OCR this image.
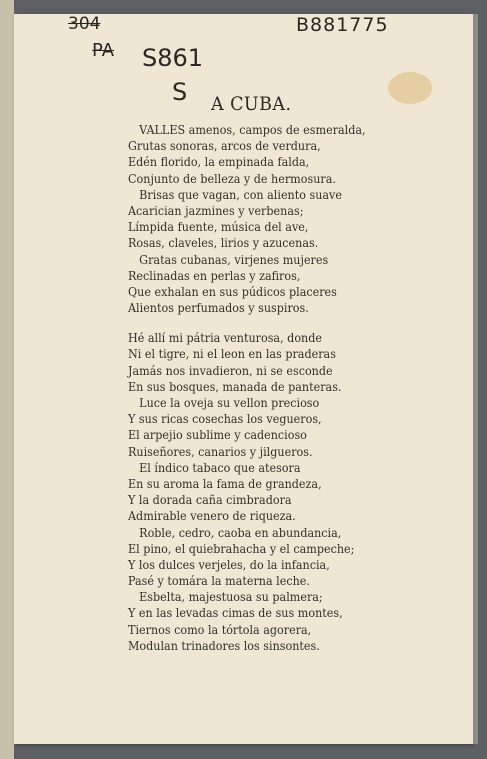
304	B881775
PA S861
S A CUBA.
VALLES amenos, campos de esmeralda,
Grutas sonoras, arcos de verdura,
Edén florido, la empinada falda,
Conjunto de belleza y de hermosura.
Brisas que vagan, con aliento suave
Acarician jazmines y verbenas;
Límpida fuente, música del ave,
Rosas, claveles, lirios y azucenas.
Gratas cubanas, virjenes mujeres
Reclinadas en perlas y zafiros,
Que exhalan en sus púdicos placeres
Alientos perfumados y suspiros.
Hé allí mi pátria venturosa, donde
Ni el tigre, ni el leon en las praderas
Jamás nos invadieron, ni se esconde
En sus bosques, manada de panteras.
Luce la oveja su vellon precioso
Y sus ricas cosechas los vegueros,
El arpejio sublime y cadencioso
Ruiseñores, canarios y jilgueros.
El índico tabaco que atesora
En su aroma la fama de grandeza,
Y la dorada caña cimbradora
Admirable venero de riqueza.
Roble, cedro, caoba en abundancia,
El pino, el quiebrahacha y el campeche;
Y los dulces verjeles, do la infancia,
Pasé y tomára la materna leche.
Esbelta, majestuosa su palmera;
Y en las levadas cimas de sus montes,
Tiernos como la tórtola agorera,
Modulan trinadores los sinsontes.
